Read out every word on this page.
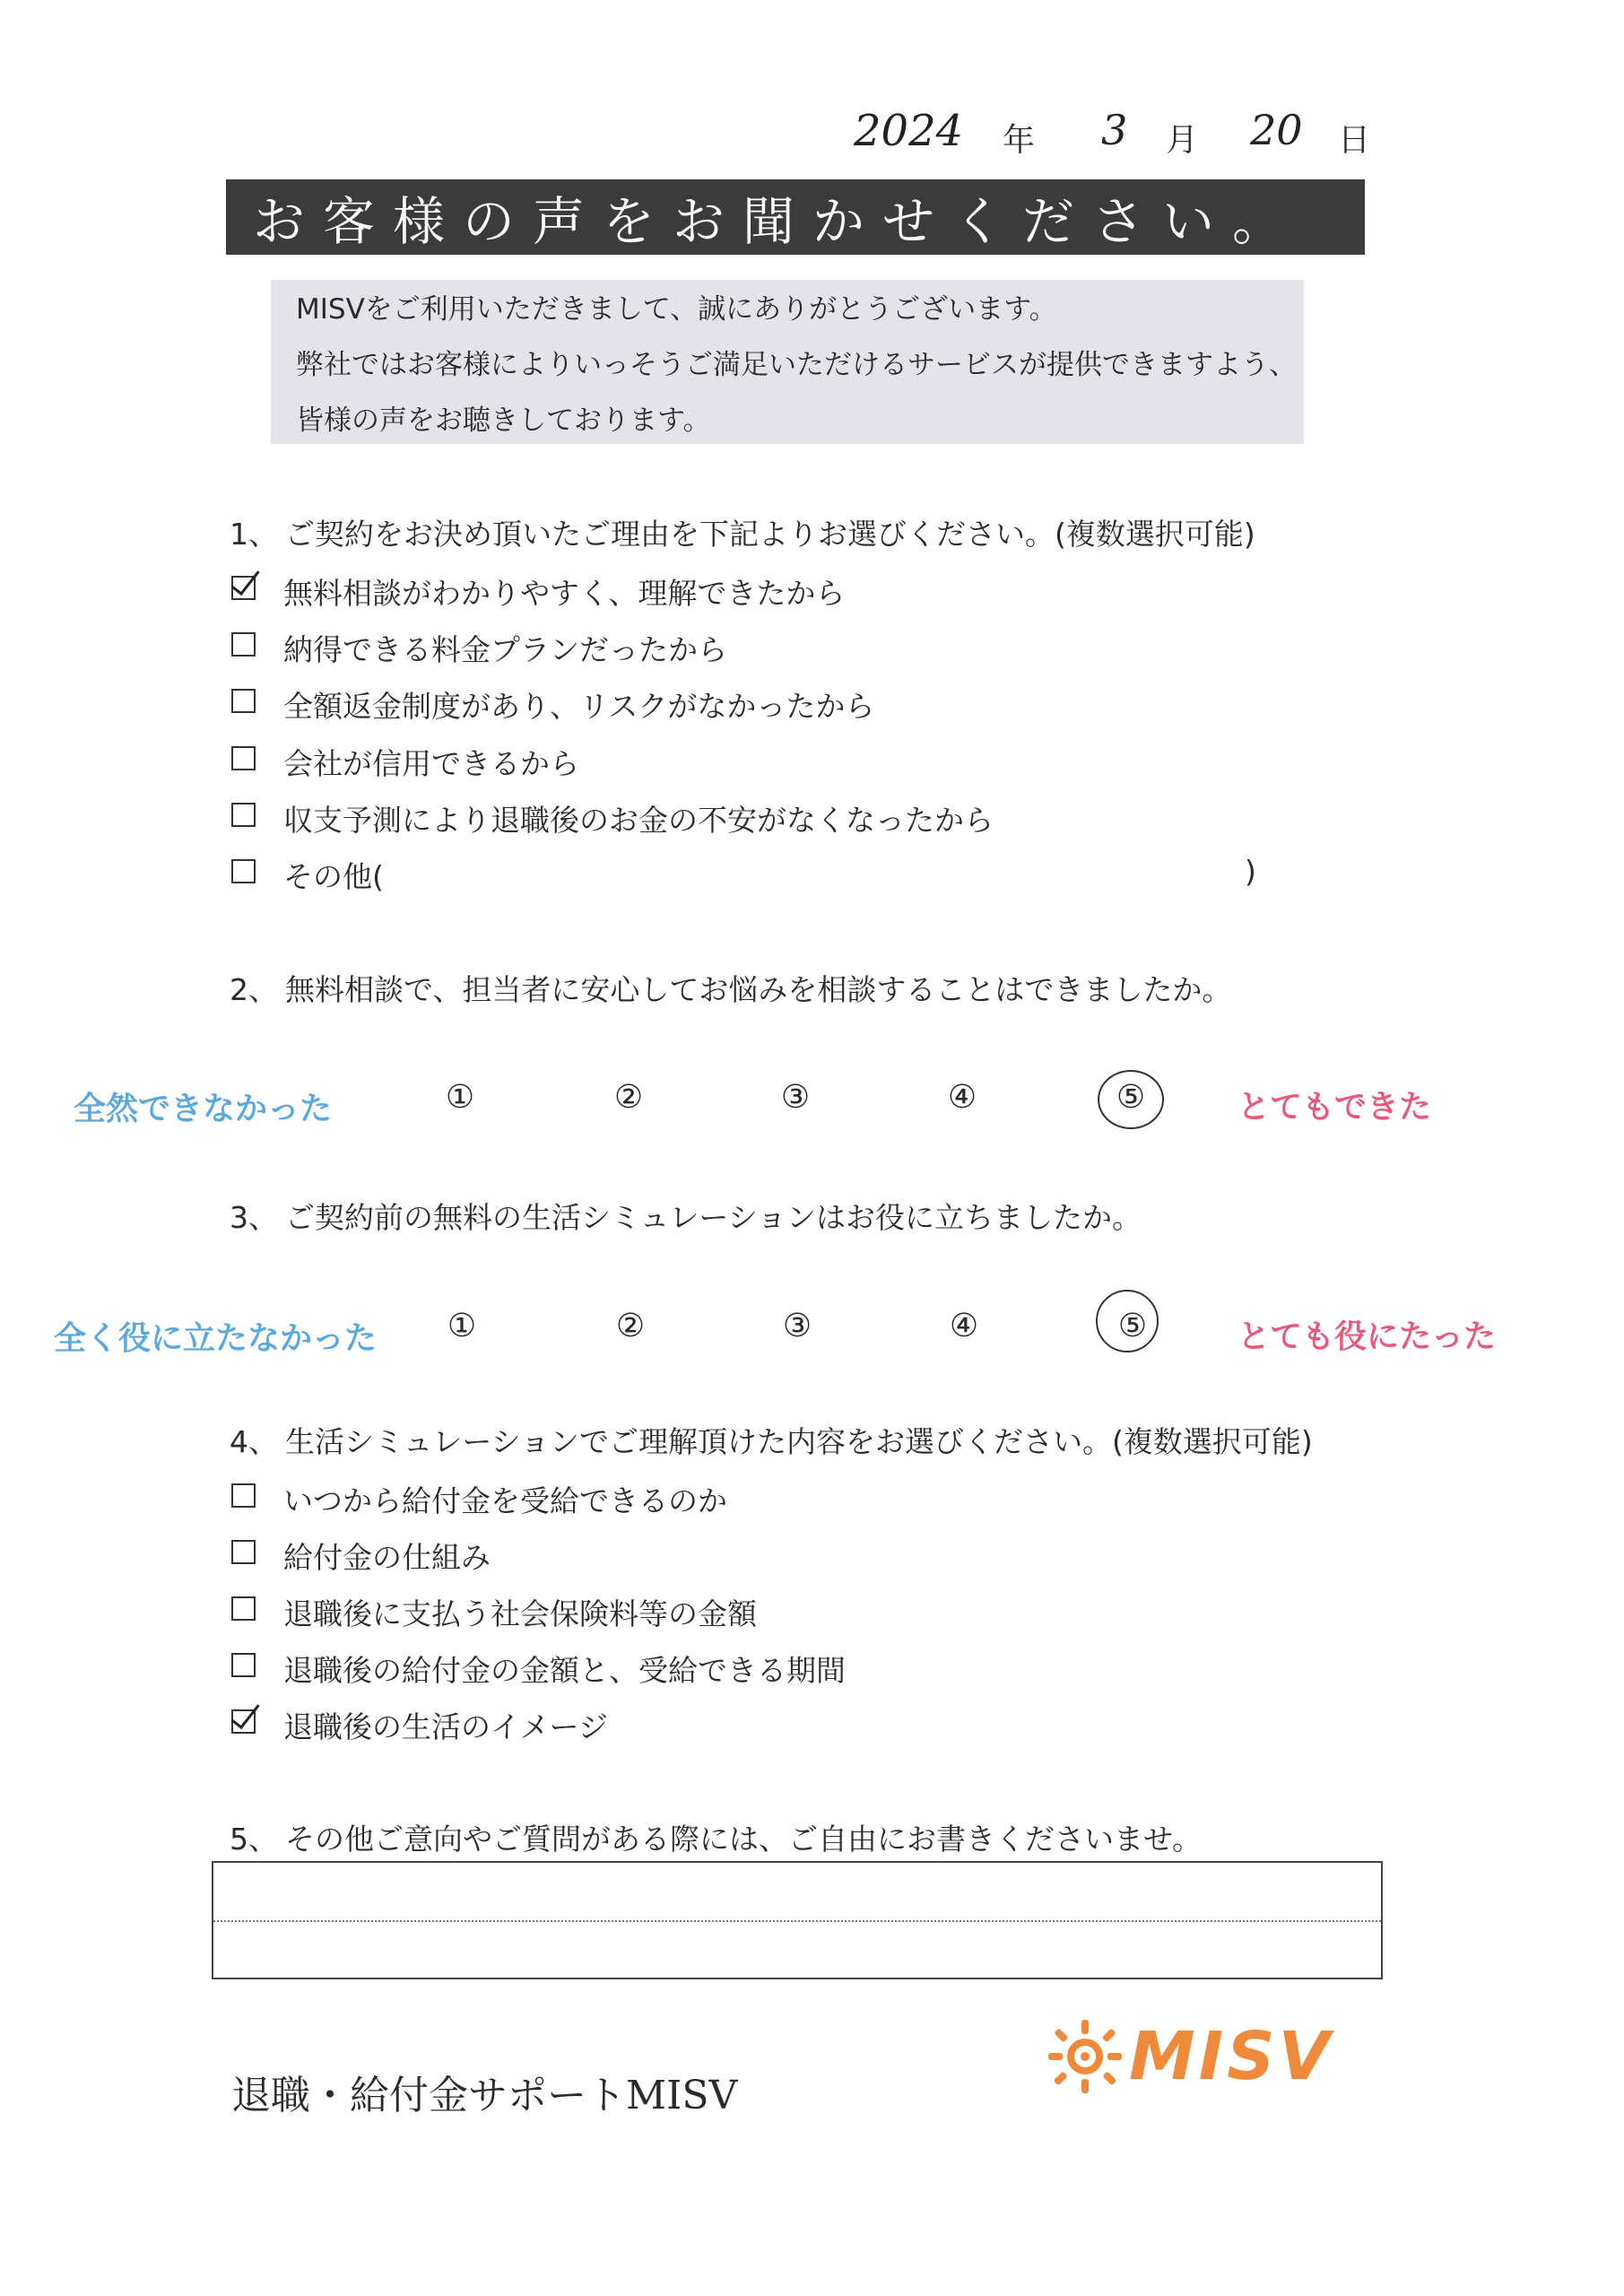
2024 年 3 月 20 日
お客様の声をお聞かせください。
MISVをご利用いただきまして、誠にありがとうございます。
弊社ではお客様によりいっそうご満足いただけるサービスが提供できますよう、
皆様の声をお聴きしております。
1、 ご契約をお決め頂いたご理由を下記よりお選びください。(複数選択可能)
無料相談がわかりやすく、理解できたから
納得できる料金プランだったから
全額返金制度があり、リスクがなかったから
会社が信用できるから
収支予測により退職後のお金の不安がなくなったから
その他(	)
2、 無料相談で、担当者に安心してお悩みを相談することはできましたか。
全然できなかった	①	②	③	④	⑤	とてもできた
3、 ご契約前の無料の生活シミュレーションはお役に立ちましたか。
全く役に立たなかった ①	②	③	④	⑤	とても役にたった
4、 生活シミュレーションでご理解頂けた内容をお選びください。(複数選択可能)
いつから給付金を受給できるのか
給付金の仕組み
退職後に支払う社会保険料等の金額
退職後の給付金の金額と、受給できる期間
退職後の生活のイメージ
5、 その他ご意向やご質問がある際には、ご自由にお書きくださいませ。
退職・給付金サポートMISV
MISV
